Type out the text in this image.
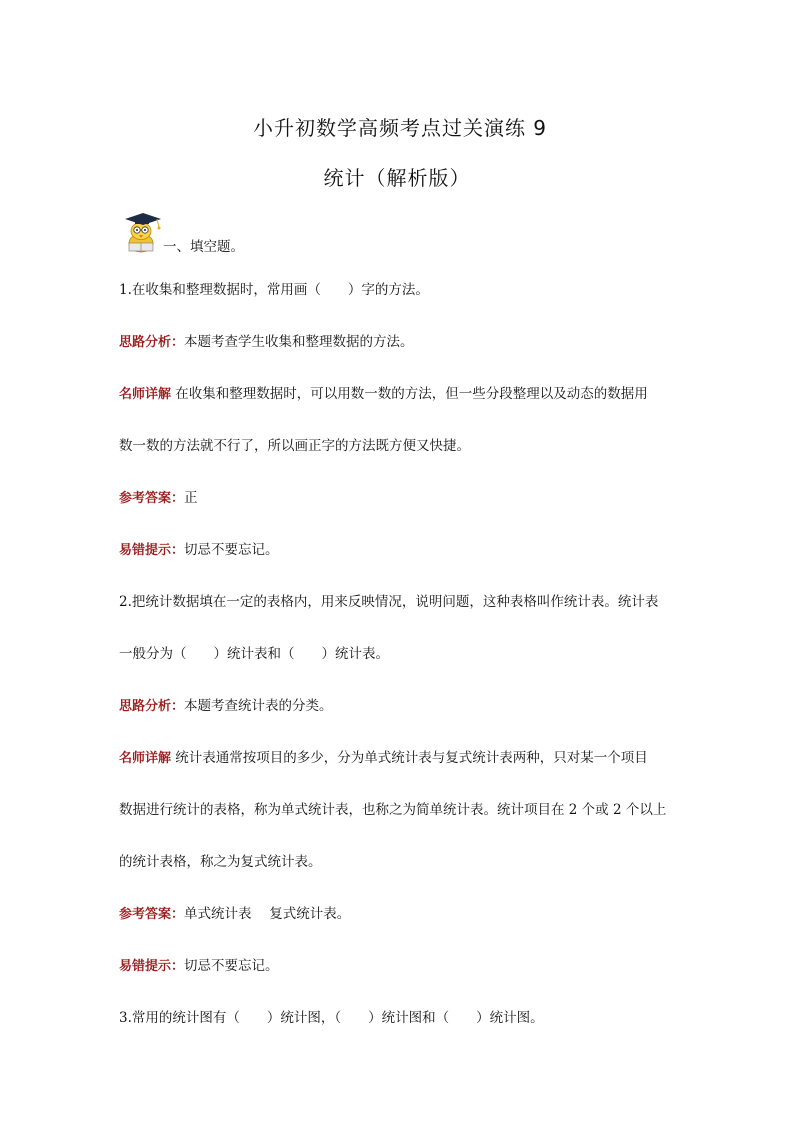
小升初数学高频考点过关演练 9
统计（解析版）
一、填空题。
1.在收集和整理数据时，常用画（　　）字的方法。
思路分析：本题考查学生收集和整理数据的方法。
名师详解 在收集和整理数据时，可以用数一数的方法，但一些分段整理以及动态的数据用
数一数的方法就不行了，所以画正字的方法既方便又快捷。
参考答案：正
易错提示：切忌不要忘记。
2.把统计数据填在一定的表格内，用来反映情况，说明问题，这种表格叫作统计表。统计表
一般分为（　　）统计表和（　　）统计表。
思路分析：本题考查统计表的分类。
名师详解 统计表通常按项目的多少，分为单式统计表与复式统计表两种，只对某一个项目
数据进行统计的表格，称为单式统计表，也称之为简单统计表。统计项目在 2 个或 2 个以上
的统计表格，称之为复式统计表。
参考答案：单式统计表　 复式统计表。
易错提示：切忌不要忘记。
3.常用的统计图有（　　）统计图，（　　）统计图和（　　）统计图。
